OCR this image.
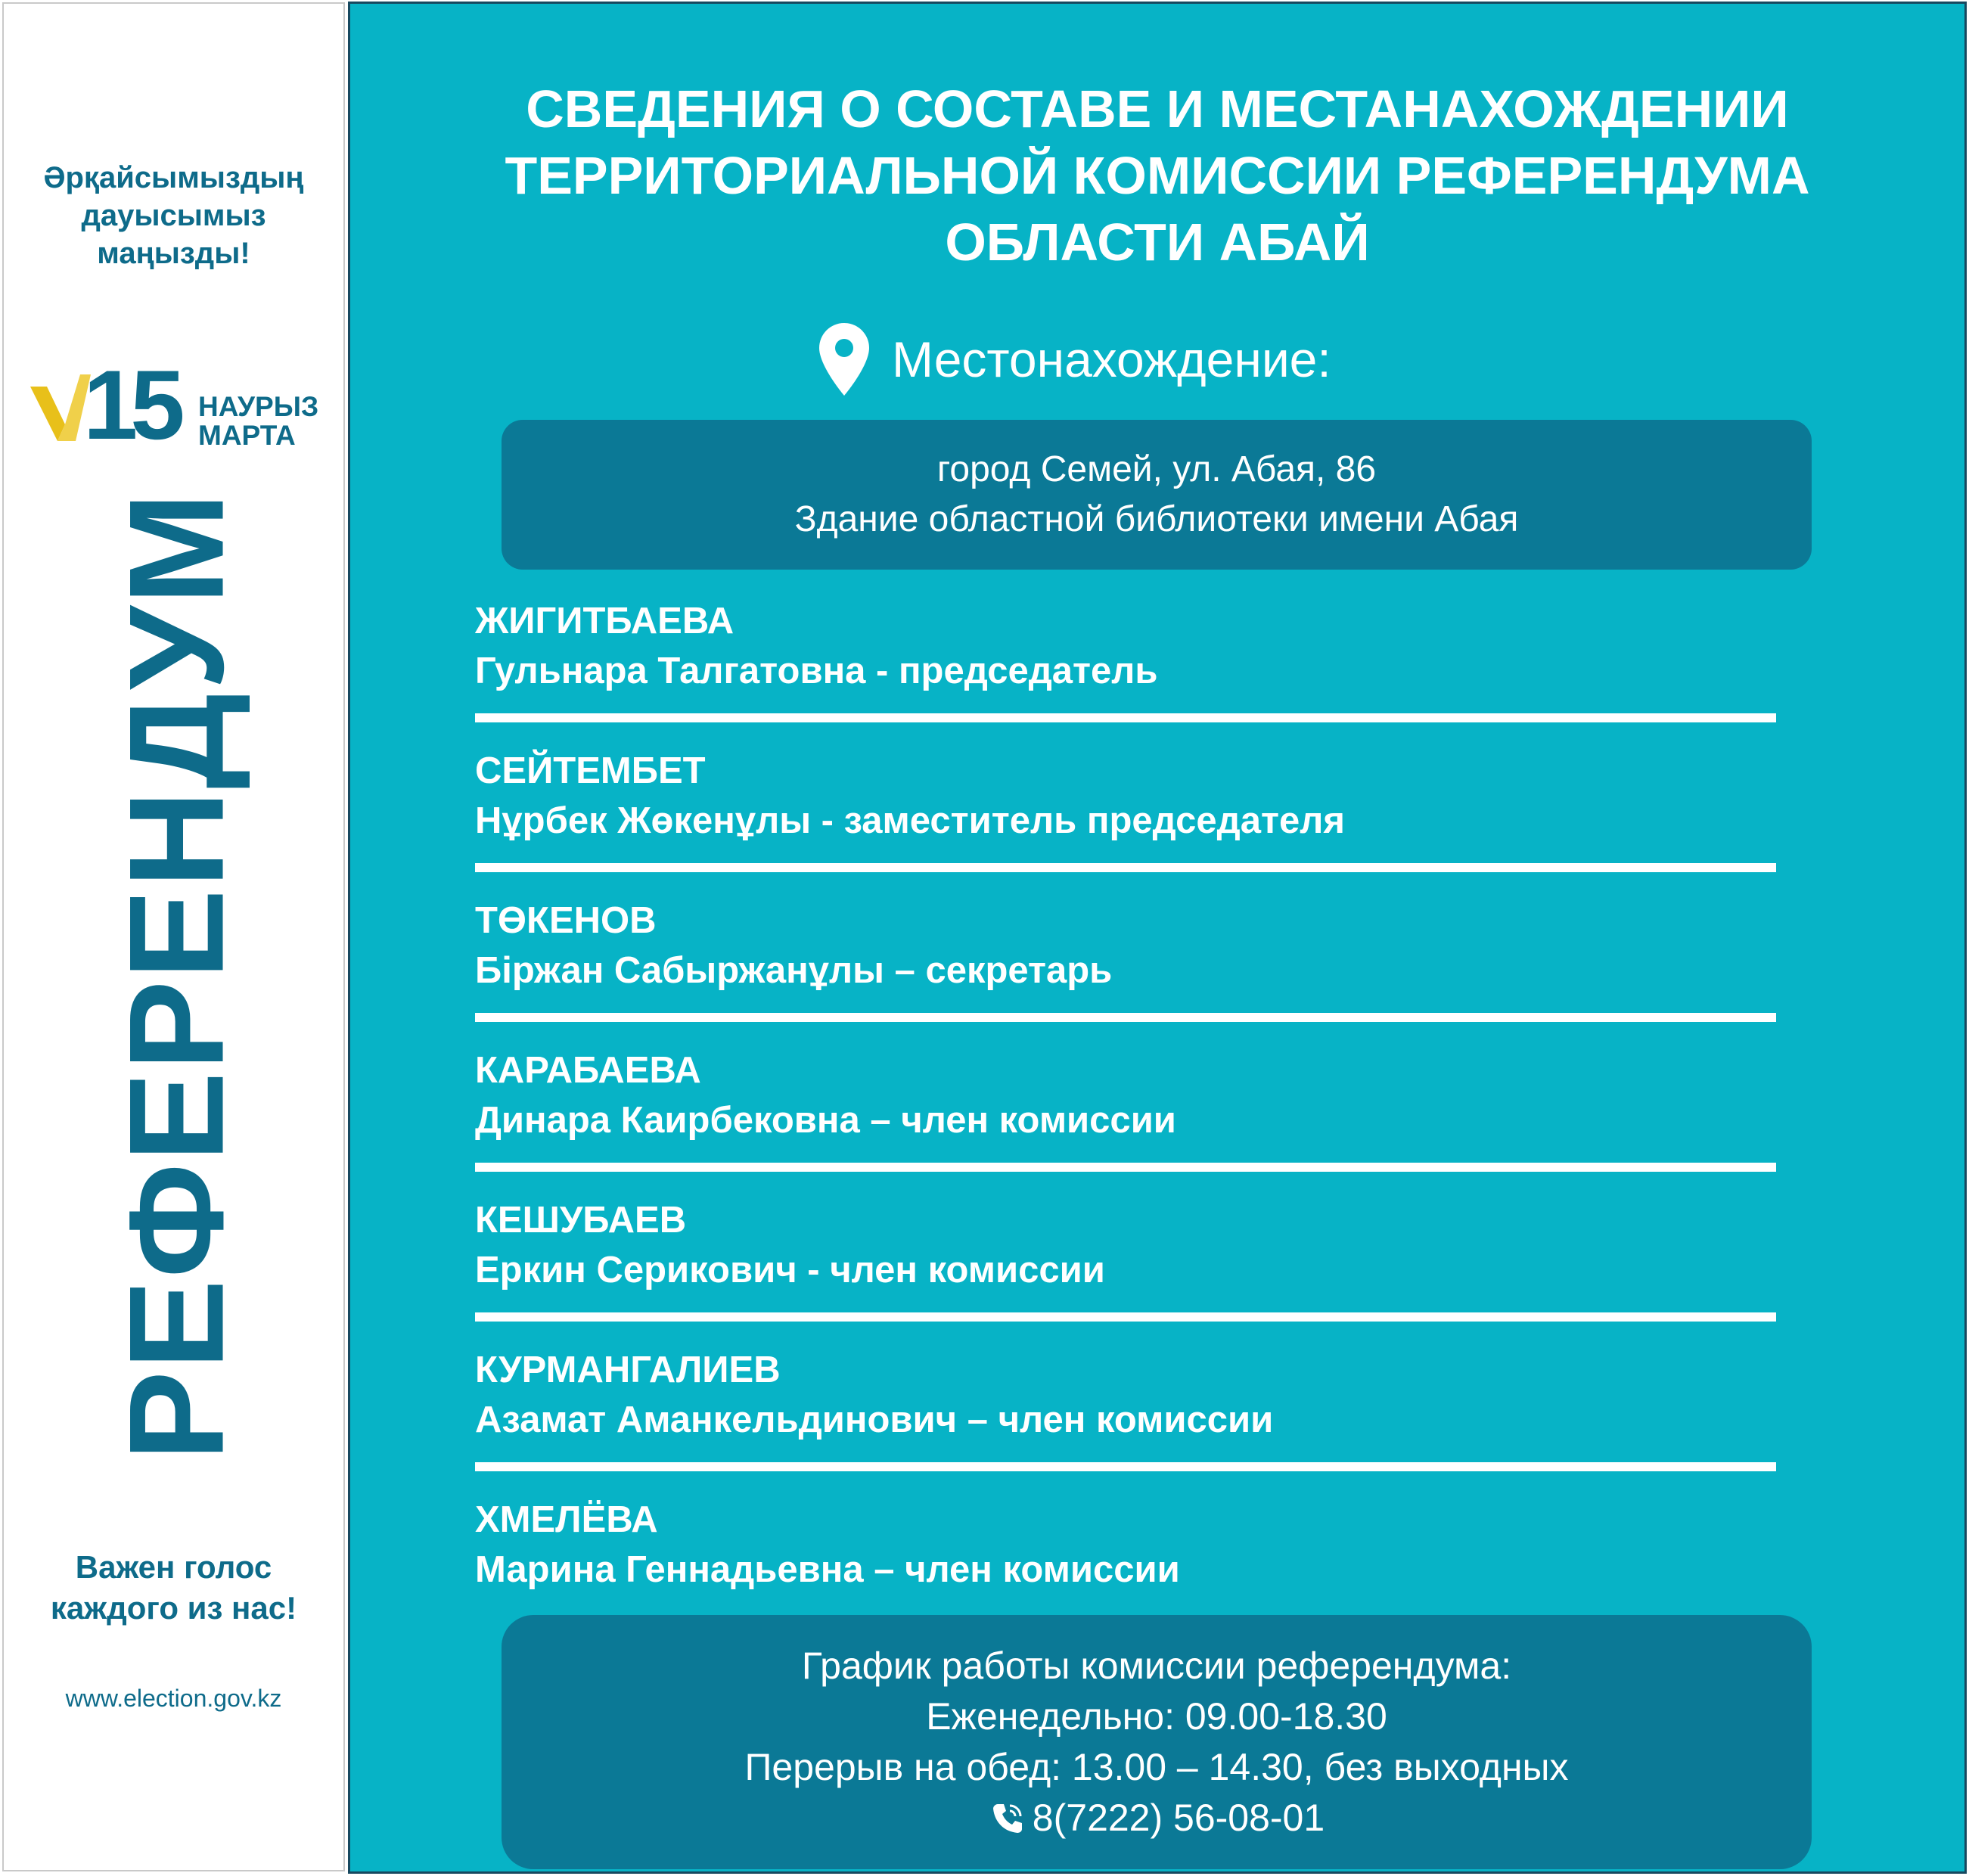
Әрқайсымыздың
дауысымыз
маңызды!
15 НАУРЫЗ
МАРТА
РЕФЕРЕНДУМ
Важен голос
каждого из нас!
www.election.gov.kz
СВЕДЕНИЯ О СОСТАВЕ И МЕСТАНАХОЖДЕНИИ
ТЕРРИТОРИАЛЬНОЙ КОМИССИИ РЕФЕРЕНДУМА
ОБЛАСТИ АБАЙ
Местонахождение:
город Семей, ул. Абая, 86
Здание областной библиотеки имени Абая
ЖИГИТБАЕВА
Гульнара Талгатовна - председатель
СЕЙТЕМБЕТ
Нұрбек Жөкенұлы - заместитель председателя
ТӨКЕНОВ
Біржан Сабыржанұлы – секретарь
КАРАБАЕВА
Динара Каирбековна – член комиссии
КЕШУБАЕВ
Еркин Серикович - член комиссии
КУРМАНГАЛИЕВ
Азамат Аманкельдинович – член комиссии
ХМЕЛЁВА
Марина Геннадьевна – член комиссии
График работы комиссии референдума:
Еженедельно: 09.00-18.30
Перерыв на обед: 13.00 – 14.30, без выходных
8(7222) 56-08-01
